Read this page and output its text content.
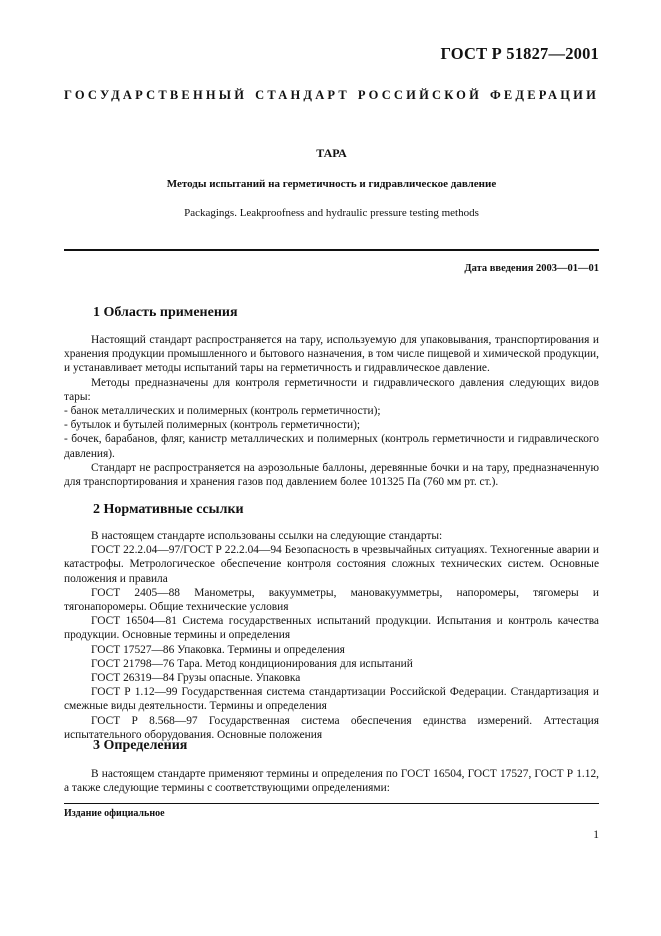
ГОСТ Р 51827—2001
ГОСУДАРСТВЕННЫЙ СТАНДАРТ РОССИЙСКОЙ ФЕДЕРАЦИИ
ТАРА
Методы испытаний на герметичность и гидравлическое давление
Packagings. Leakproofness and hydraulic pressure testing methods
Дата введения 2003—01—01
1 Область применения

Настоящий стандарт распространяется на тару, используемую для упаковывания, транспортирования и хранения продукции промышленного и бытового назначения, в том числе пищевой и химической продукции, и устанавливает методы испытаний тары на герметичность и гидравлическое давление.

Методы предназначены для контроля герметичности и гидравлического давления следующих видов тары:

- банок металлических и полимерных (контроль герметичности);

- бутылок и бутылей полимерных (контроль герметичности);

- бочек, барабанов, фляг, канистр металлических и полимерных (контроль герметичности и гидравлического давления).

Стандарт не распространяется на аэрозольные баллоны, деревянные бочки и на тару, предназначенную для транспортирования и хранения газов под давлением более 101325 Па (760 мм рт. ст.).

2 Нормативные ссылки

В настоящем стандарте использованы ссылки на следующие стандарты:

ГОСТ 22.2.04—97/ГОСТ Р 22.2.04—94 Безопасность в чрезвычайных ситуациях. Техногенные аварии и катастрофы. Метрологическое обеспечение контроля состояния сложных технических систем. Основные положения и правила

ГОСТ 2405—88 Манометры, вакуумметры, мановакуумметры, напоромеры, тягомеры и тягонапоромеры. Общие технические условия

ГОСТ 16504—81 Система государственных испытаний продукции. Испытания и контроль качества продукции. Основные термины и определения

ГОСТ 17527—86 Упаковка. Термины и определения

ГОСТ 21798—76 Тара. Метод кондиционирования для испытаний

ГОСТ 26319—84 Грузы опасные. Упаковка

ГОСТ Р 1.12—99 Государственная система стандартизации Российской Федерации. Стандартизация и смежные виды деятельности. Термины и определения

ГОСТ Р 8.568—97 Государственная система обеспечения единства измерений. Аттестация испытательного оборудования. Основные положения

3 Определения

В настоящем стандарте применяют термины и определения по ГОСТ 16504, ГОСТ 17527, ГОСТ Р 1.12, а также следующие термины с соответствующими определениями:

Издание официальное
1
